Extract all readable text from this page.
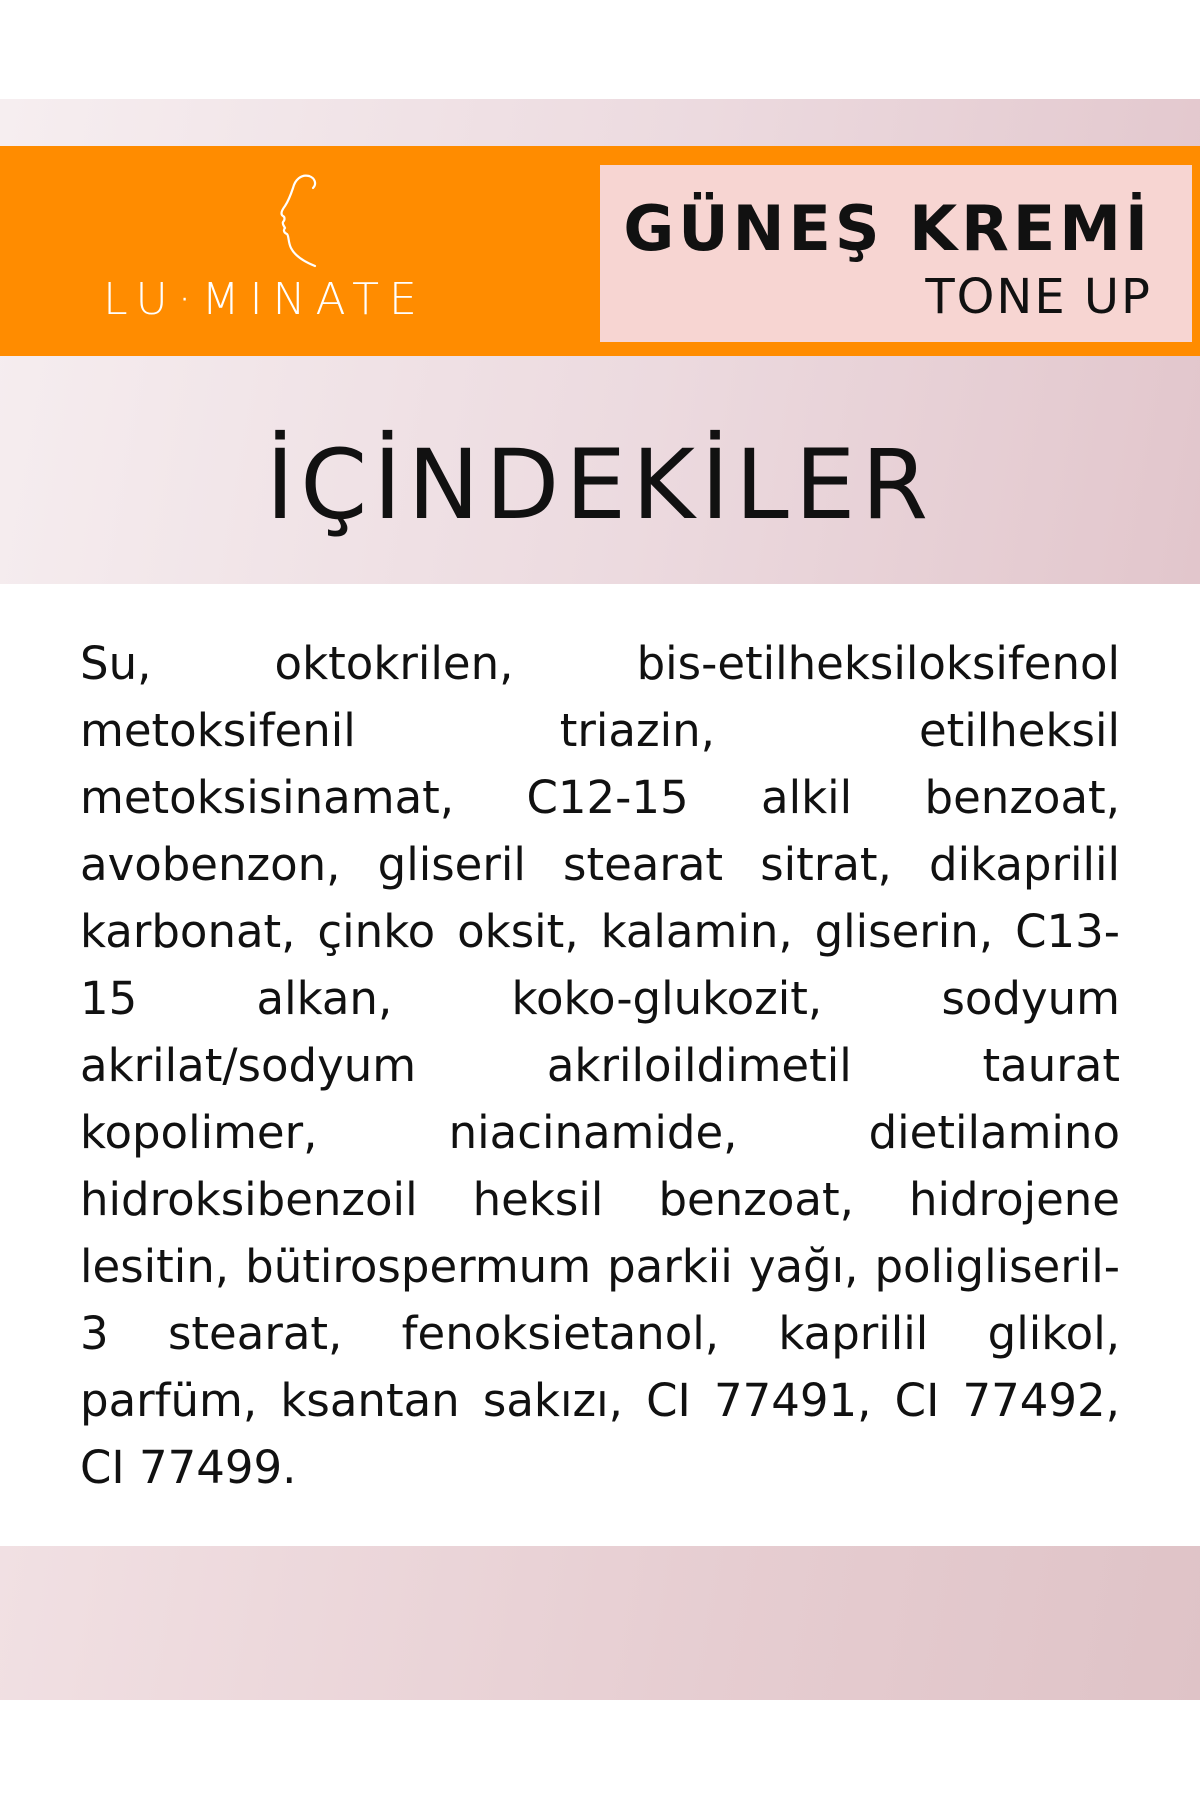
LU·MINATE
GÜNEŞ KREMİ
TONE UP
İÇİNDEKİLER

Su, oktokrilen, bis-etilheksiloksifenol metoksifenil triazin, etilheksil metoksisinamat, C12-15 alkil benzoat, avobenzon, gliseril stearat sitrat, dikaprilil karbonat, çinko oksit, kalamin, gliserin, C13-15 alkan, koko-glukozit, sodyum akrilat/sodyum akriloildimetil taurat kopolimer, niacinamide, dietilamino hidroksibenzoil heksil benzoat, hidrojene lesitin, bütirospermum parkii yağı, poligliseril-3 stearat, fenoksietanol, kaprilil glikol, parfüm, ksantan sakızı, CI 77491, CI 77492, CI 77499.
